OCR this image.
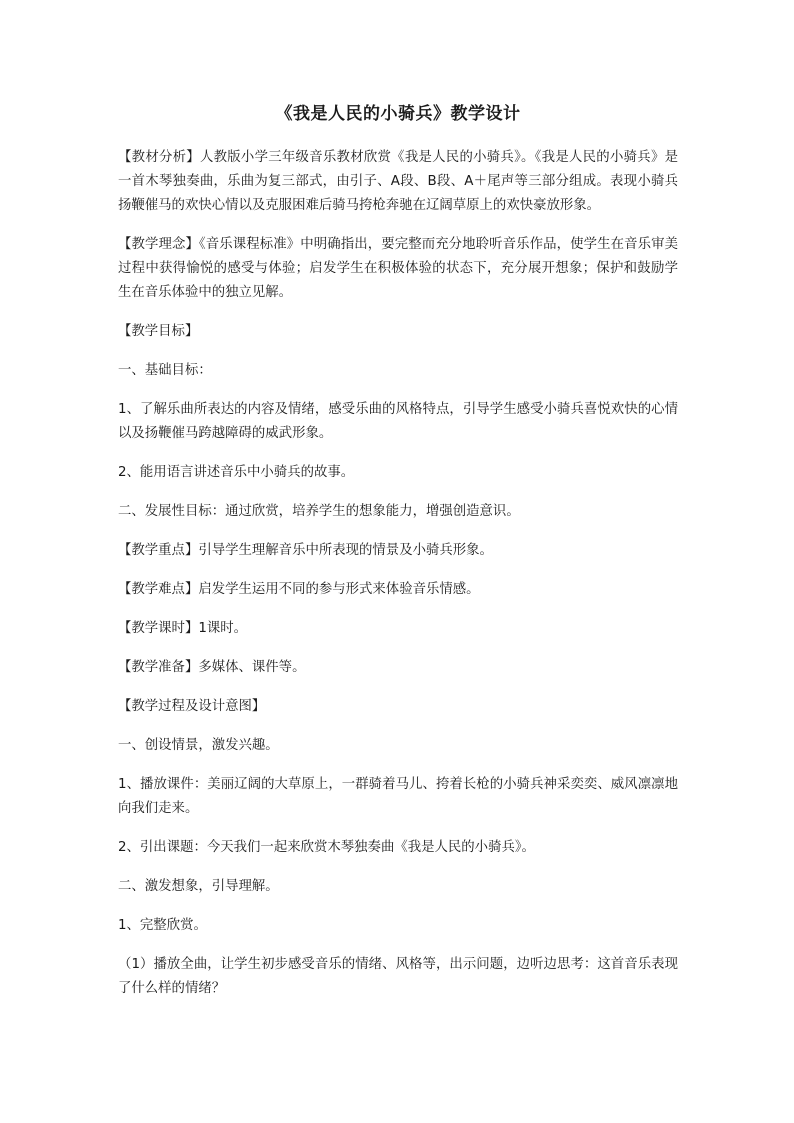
《我是人民的小骑兵》教学设计

【教材分析】人教版小学三年级音乐教材欣赏《我是人民的小骑兵》。《我是人民的小骑兵》是一首木琴独奏曲，乐曲为复三部式，由引子、A段、B段、A＋尾声等三部分组成。表现小骑兵扬鞭催马的欢快心情以及克服困难后骑马挎枪奔驰在辽阔草原上的欢快豪放形象。

【教学理念】《音乐课程标准》中明确指出，要完整而充分地聆听音乐作品，使学生在音乐审美过程中获得愉悦的感受与体验；启发学生在积极体验的状态下，充分展开想象；保护和鼓励学生在音乐体验中的独立见解。

【教学目标】

一、基础目标：

1、了解乐曲所表达的内容及情绪，感受乐曲的风格特点，引导学生感受小骑兵喜悦欢快的心情以及扬鞭催马跨越障碍的威武形象。

2、能用语言讲述音乐中小骑兵的故事。

二、发展性目标：通过欣赏，培养学生的想象能力，增强创造意识。

【教学重点】引导学生理解音乐中所表现的情景及小骑兵形象。

【教学难点】启发学生运用不同的参与形式来体验音乐情感。

【教学课时】1课时。

【教学准备】多媒体、课件等。

【教学过程及设计意图】

一、创设情景，激发兴趣。

1、播放课件：美丽辽阔的大草原上，一群骑着马儿、挎着长枪的小骑兵神采奕奕、威风凛凛地向我们走来。

2、引出课题：今天我们一起来欣赏木琴独奏曲《我是人民的小骑兵》。

二、激发想象，引导理解。

1、完整欣赏。

（1）播放全曲，让学生初步感受音乐的情绪、风格等，出示问题，边听边思考：这首音乐表现了什么样的情绪？
